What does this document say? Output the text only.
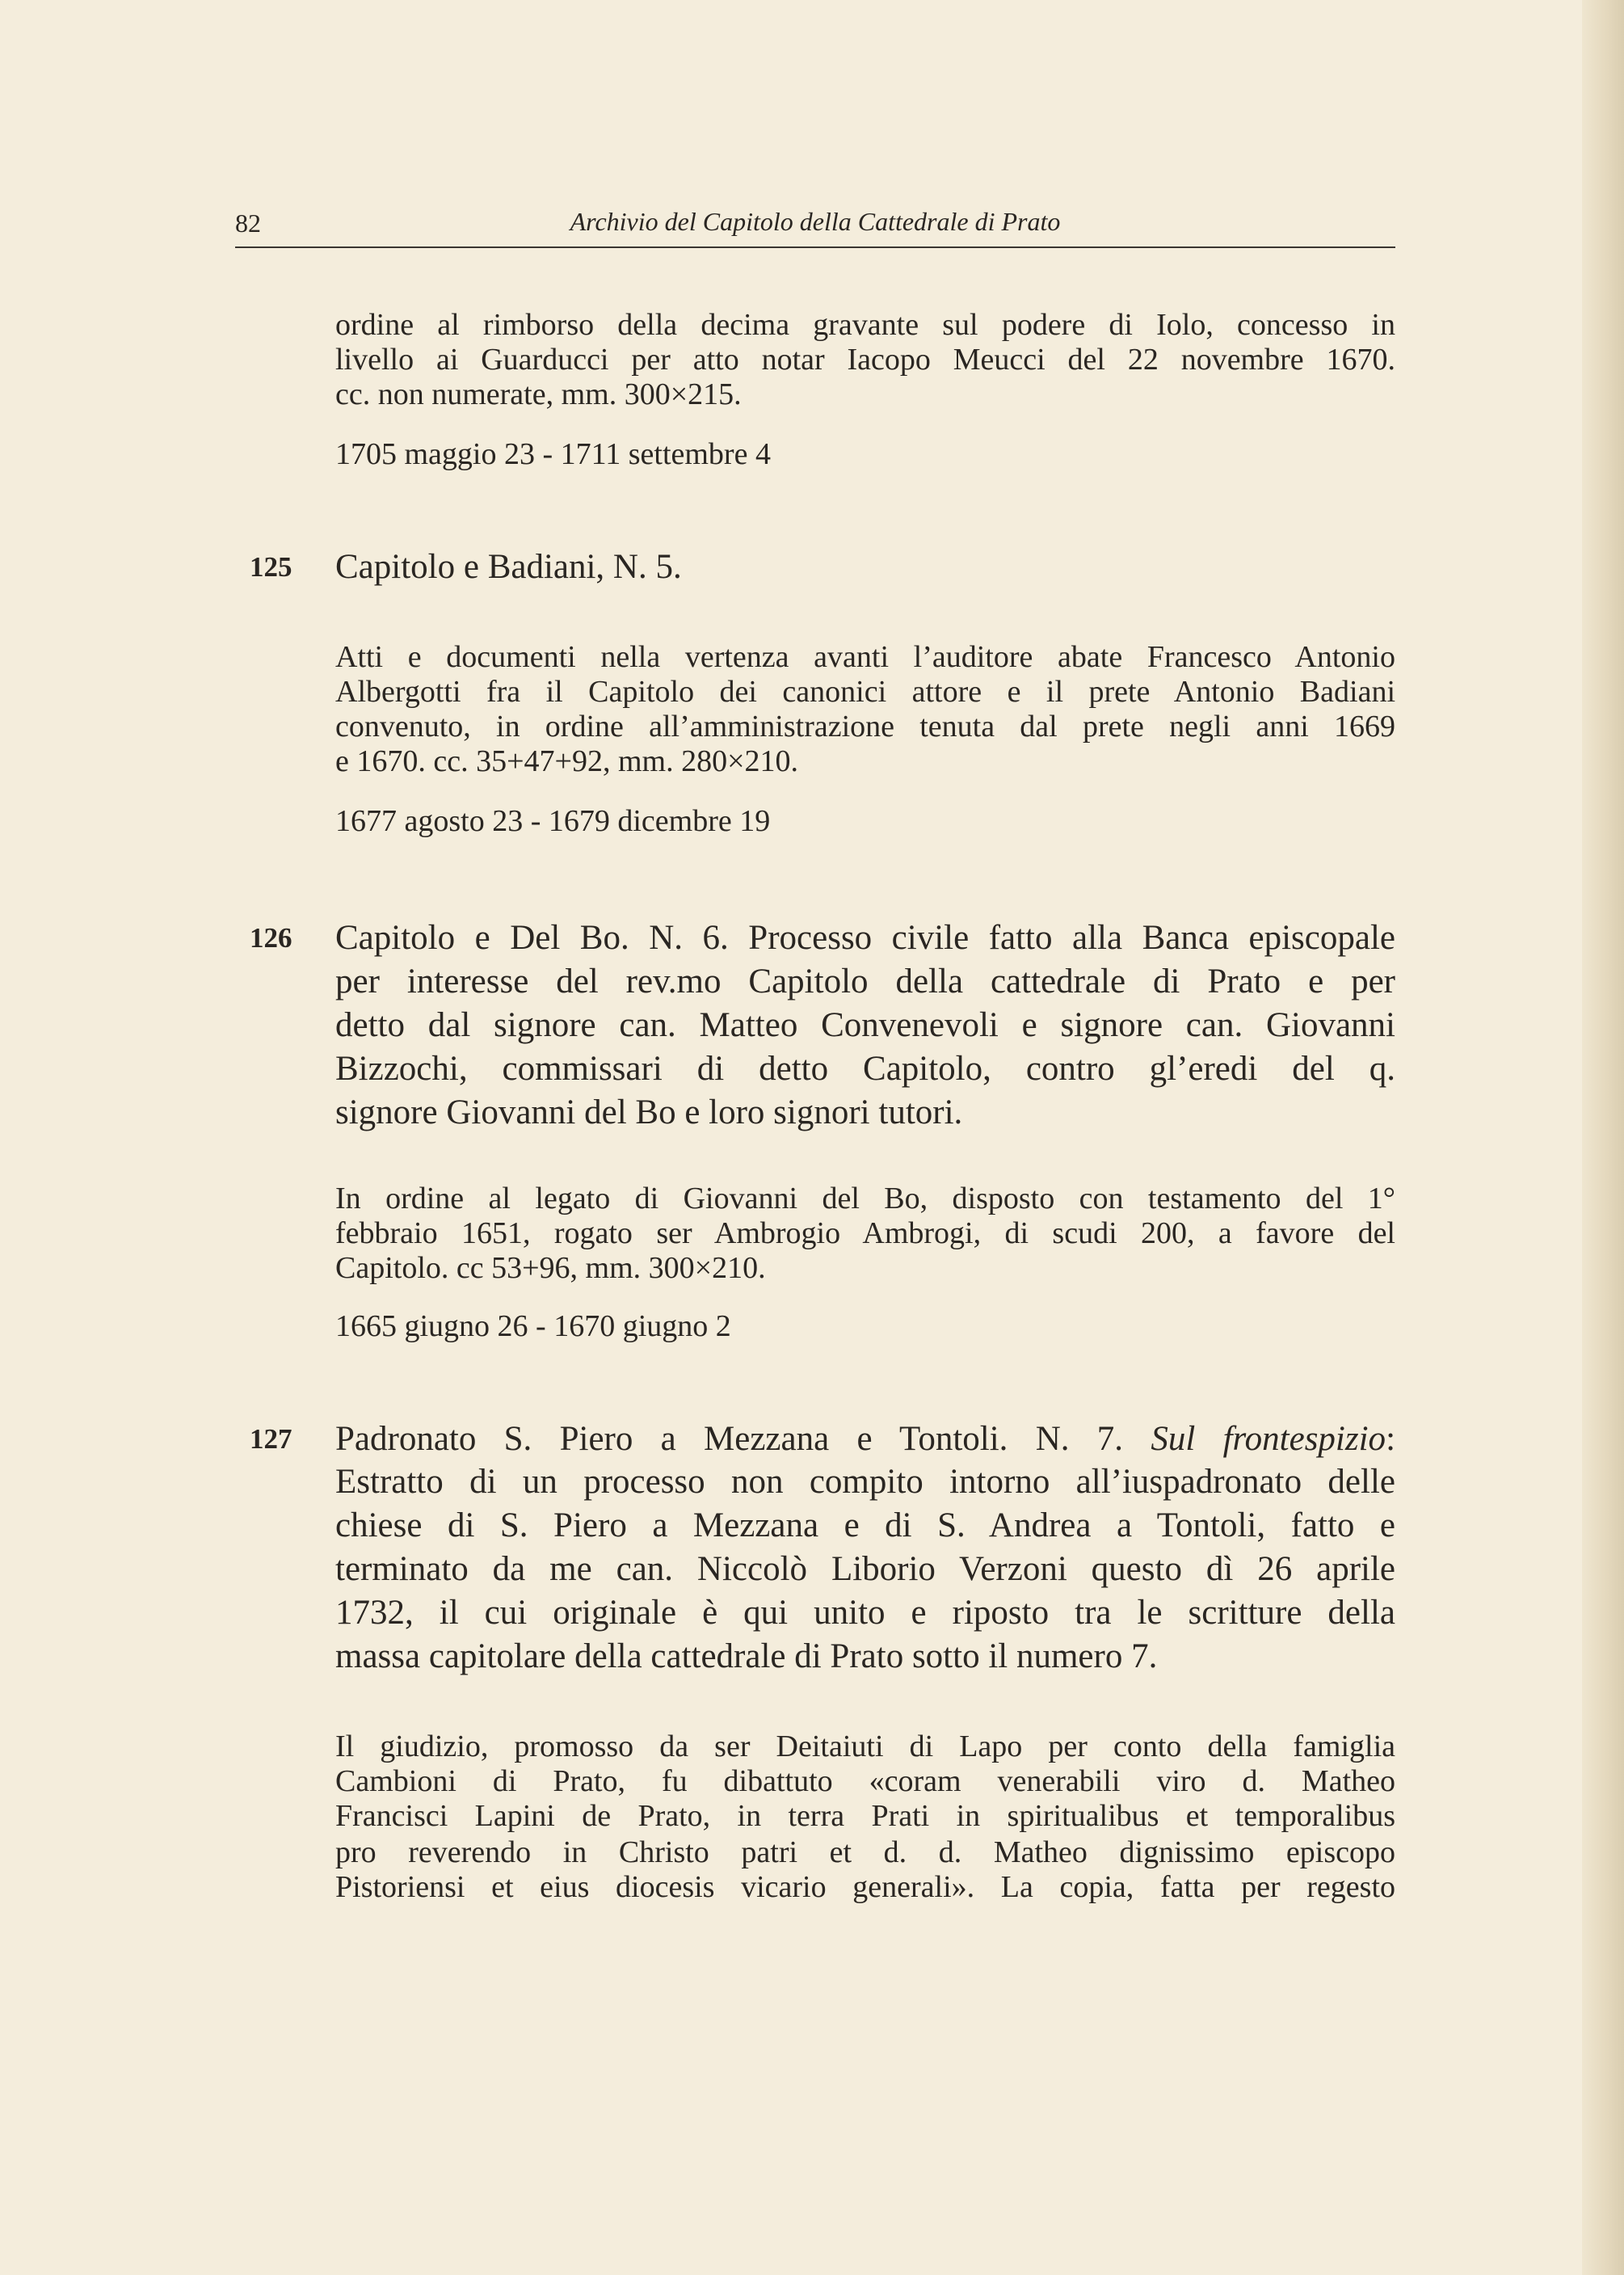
82	Archivio del Capitolo della Cattedrale di Prato
ordine al rimborso della decima gravante sul podere di Iolo, concesso in
livello ai Guarducci per atto notar Iacopo Meucci del 22 novembre 1670.
cc. non numerate, mm. 300×215.
1705 maggio 23 - 1711 settembre 4
125 Capitolo e Badiani, N. 5.
Atti e documenti nella vertenza avanti l’auditore abate Francesco Antonio
Albergotti fra il Capitolo dei canonici attore e il prete Antonio Badiani
convenuto, in ordine all’amministrazione tenuta dal prete negli anni 1669
e 1670. cc. 35+47+92, mm. 280×210.
1677 agosto 23 - 1679 dicembre 19
126 Capitolo e Del Bo. N. 6. Processo civile fatto alla Banca episcopale
per interesse del rev.mo Capitolo della cattedrale di Prato e per
detto dal signore can. Matteo Convenevoli e signore can. Giovanni
Bizzochi, commissari di detto Capitolo, contro gl’eredi del q.
signore Giovanni del Bo e loro signori tutori.
In ordine al legato di Giovanni del Bo, disposto con testamento del 1°
febbraio 1651, rogato ser Ambrogio Ambrogi, di scudi 200, a favore del
Capitolo. cc 53+96, mm. 300×210.
1665 giugno 26 - 1670 giugno 2
127 Padronato S. Piero a Mezzana e Tontoli. N. 7. Sul frontespizio:
Estratto di un processo non compito intorno all’iuspadronato delle
chiese di S. Piero a Mezzana e di S. Andrea a Tontoli, fatto e
terminato da me can. Niccolò Liborio Verzoni questo dì 26 aprile
1732, il cui originale è qui unito e riposto tra le scritture della
massa capitolare della cattedrale di Prato sotto il numero 7.
Il giudizio, promosso da ser Deitaiuti di Lapo per conto della famiglia
Cambioni di Prato, fu dibattuto «coram venerabili viro d. Matheo
Francisci Lapini de Prato, in terra Prati in spiritualibus et temporalibus
pro reverendo in Christo patri et d. d. Matheo dignissimo episcopo
Pistoriensi et eius diocesis vicario generali». La copia, fatta per regesto
